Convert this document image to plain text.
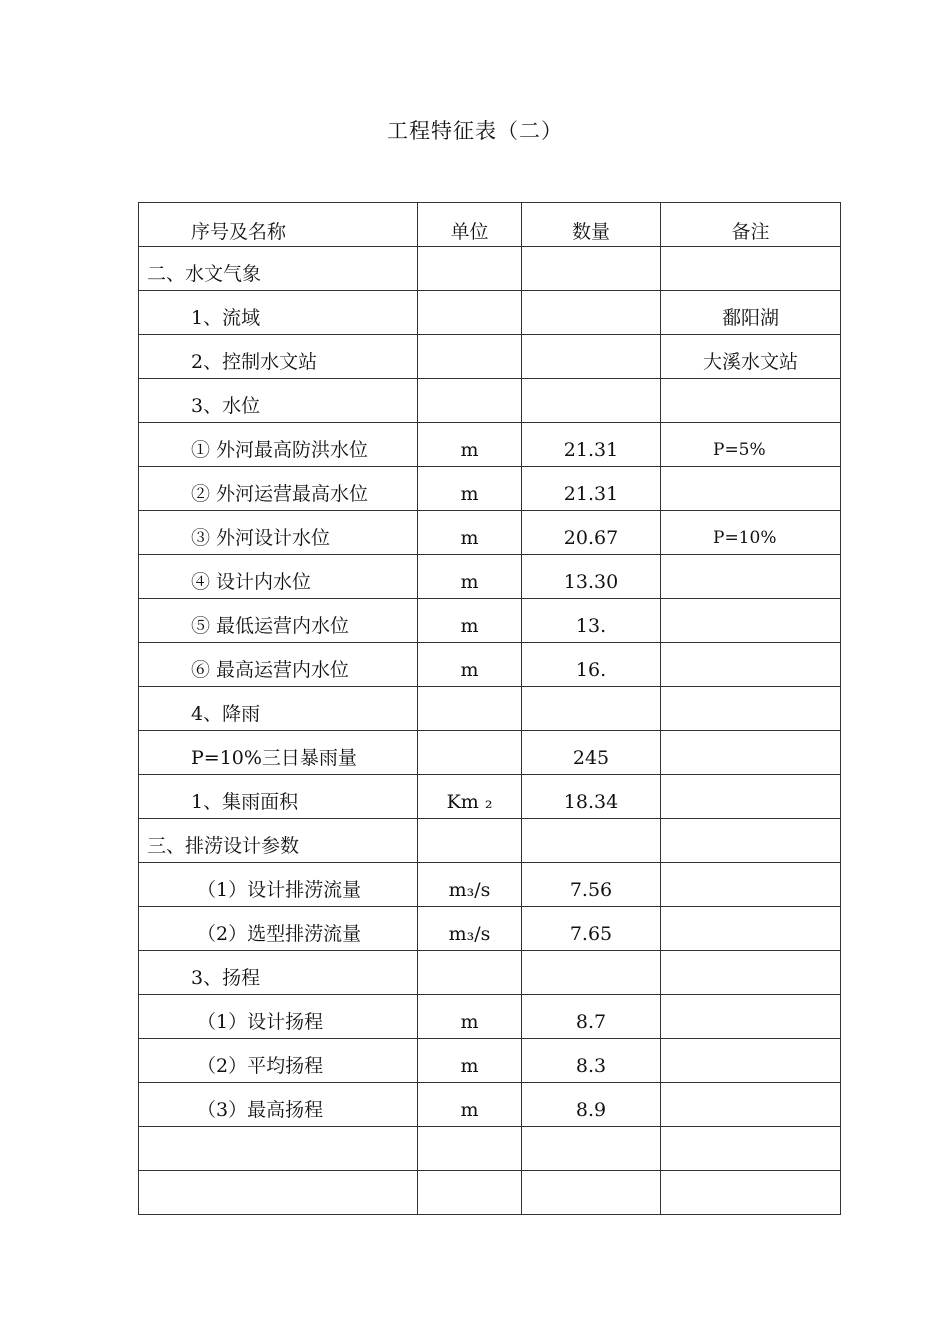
工程特征表（二）
序号及名称	单位	数量	备注

二、水文气象			

1、流域			鄱阳湖

2、控制水文站			大溪水文站

3、水位			

① 外河最高防洪水位	m	21.31	P=5%

② 外河运营最高水位	m	21.31	

③ 外河设计水位	m	20.67	P=10%

④ 设计内水位	m	13.30	

⑤ 最低运营内水位	m	13.	

⑥ 最高运营内水位	m	16.	

4、降雨			

P=10%三日暴雨量		245	

1、集雨面积	Km ₂	18.34	

三、排涝设计参数			

（1）设计排涝流量	m₃/s	7.56	

（2）选型排涝流量	m₃/s	7.65	

3、扬程			

（1）设计扬程	m	8.7	

（2）平均扬程	m	8.3	

（3）最高扬程	m	8.9	
